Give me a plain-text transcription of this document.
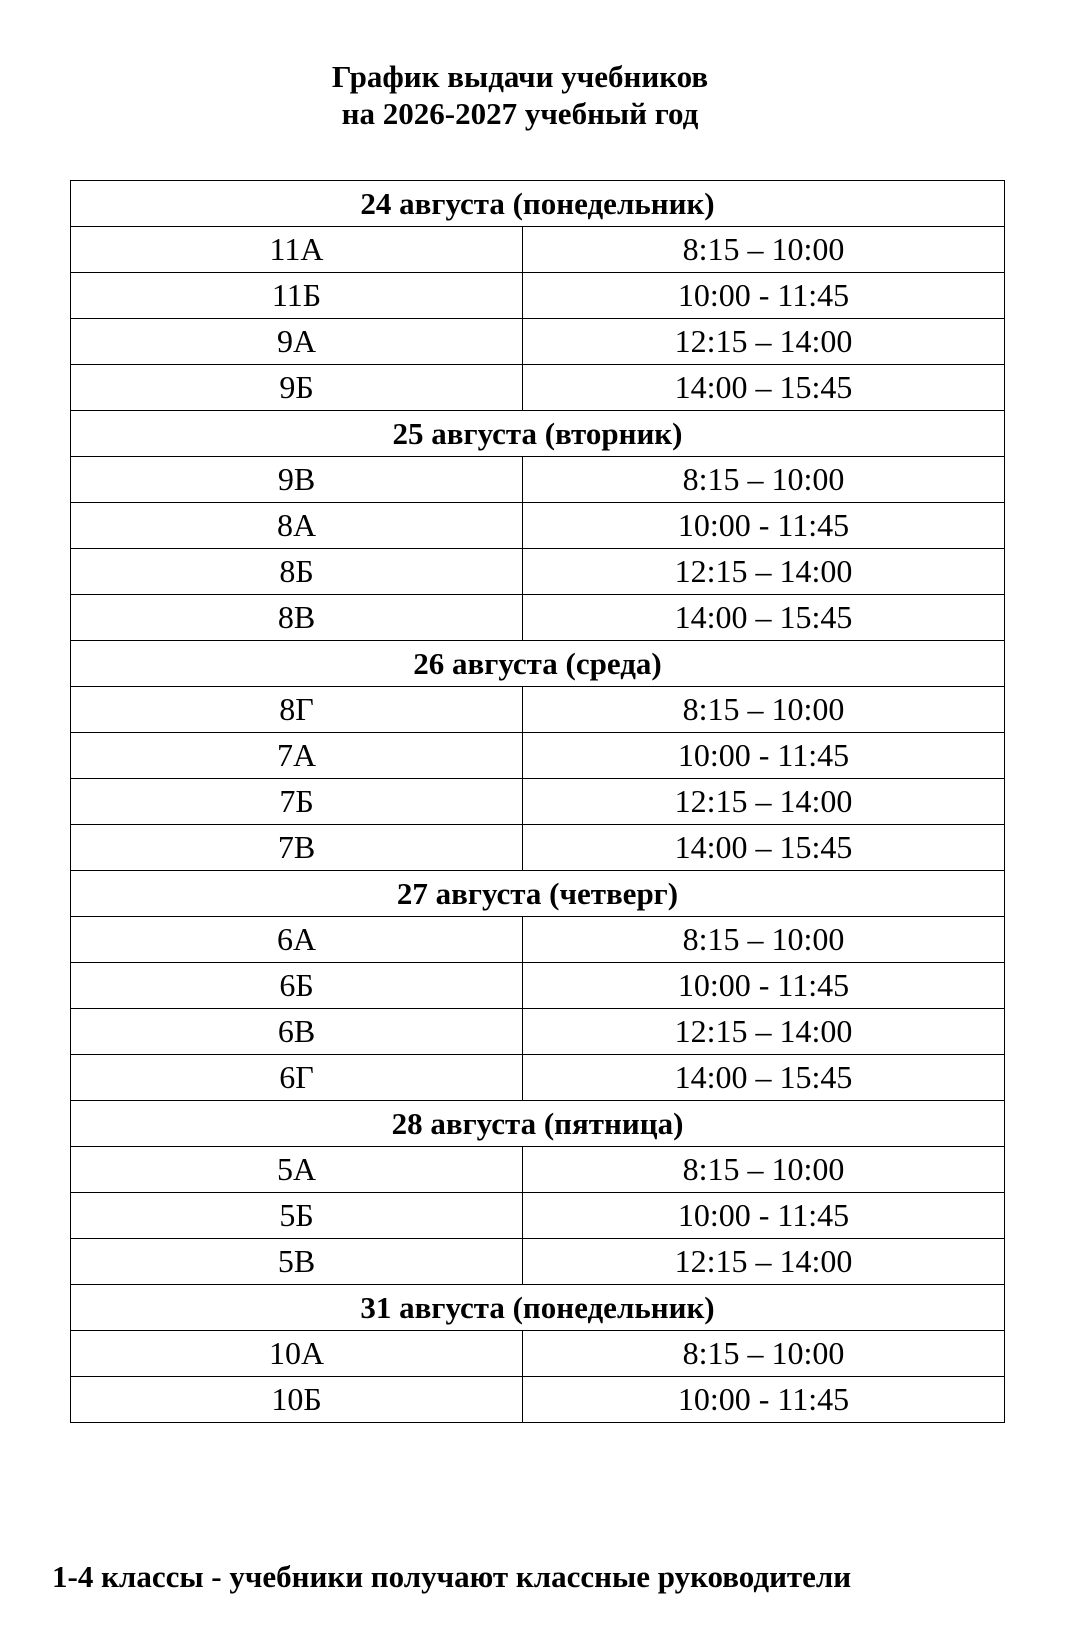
График выдачи учебников
на 2026-2027 учебный год
24 августа (понедельник)	
11А	8:15 – 10:00
11Б	10:00 - 11:45
9А	12:15 – 14:00
9Б	14:00 – 15:45
25 августа (вторник)	
9В	8:15 – 10:00
8А	10:00 - 11:45
8Б	12:15 – 14:00
8В	14:00 – 15:45
26 августа (среда)	
8Г	8:15 – 10:00
7А	10:00 - 11:45
7Б	12:15 – 14:00
7В	14:00 – 15:45
27 августа (четверг)	
6А	8:15 – 10:00
6Б	10:00 - 11:45
6В	12:15 – 14:00
6Г	14:00 – 15:45
28 августа (пятница)	
5А	8:15 – 10:00
5Б	10:00 - 11:45
5В	12:15 – 14:00
31 августа (понедельник)	
10А	8:15 – 10:00
10Б	10:00 - 11:45
1-4 классы - учебники получают классные руководители
